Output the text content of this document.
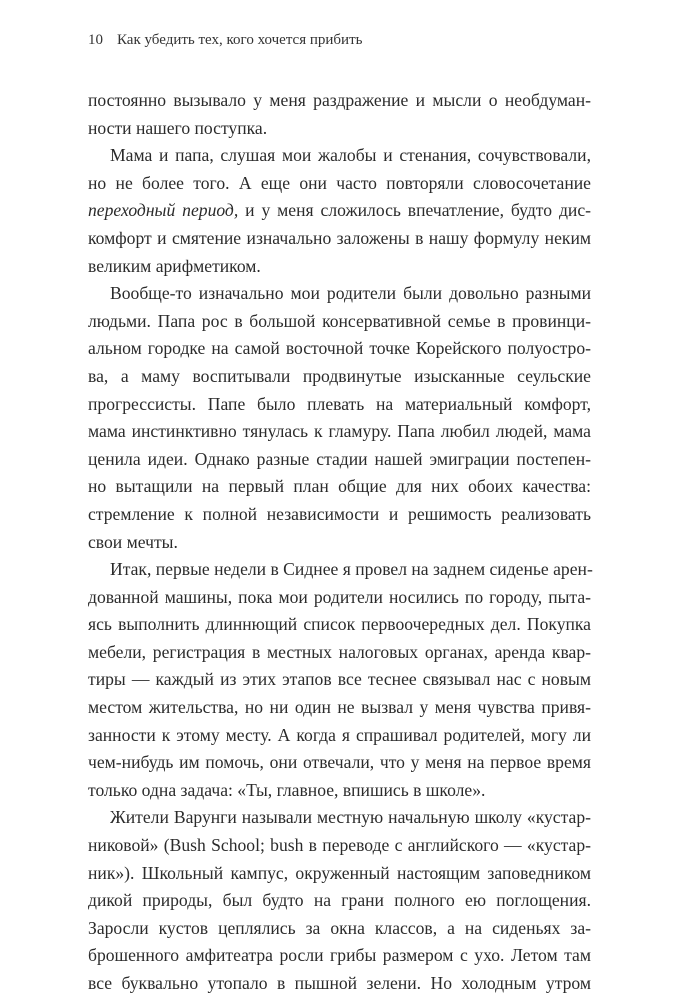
10 Как убедить тех, кого хочется прибить
постоянно вызывало у меня раздражение и мысли о необдуман-
ности нашего поступка.
Мама и папа, слушая мои жалобы и стенания, сочувствовали,
но не более того. А еще они часто повторяли словосочетание
переходный период, и у меня сложилось впечатление, будто дис-
комфорт и смятение изначально заложены в нашу формулу неким
великим арифметиком.
Вообще-то изначально мои родители были довольно разными
людьми. Папа рос в большой консервативной семье в провинци-
альном городке на самой восточной точке Корейского полуостро-
ва, а маму воспитывали продвинутые изысканные сеульские
прогрессисты. Папе было плевать на материальный комфорт,
мама инстинктивно тянулась к гламуру. Папа любил людей, мама
ценила идеи. Однако разные стадии нашей эмиграции постепен-
но вытащили на первый план общие для них обоих качества:
стремление к полной независимости и решимость реализовать
свои мечты.
Итак, первые недели в Сиднее я провел на заднем сиденье арен-
дованной машины, пока мои родители носились по городу, пыта-
ясь выполнить длиннющий список первоочередных дел. Покупка
мебели, регистрация в местных налоговых органах, аренда квар-
тиры — каждый из этих этапов все теснее связывал нас с новым
местом жительства, но ни один не вызвал у меня чувства привя-
занности к этому месту. А когда я спрашивал родителей, могу ли
чем-нибудь им помочь, они отвечали, что у меня на первое время
только одна задача: «Ты, главное, впишись в школе».
Жители Варунги называли местную начальную школу «кустар-
никовой» (Bush School; bush в переводе с английского — «кустар-
ник»). Школьный кампус, окруженный настоящим заповедником
дикой природы, был будто на грани полного ею поглощения.
Заросли кустов цеплялись за окна классов, а на сиденьях за-
брошенного амфитеатра росли грибы размером с ухо. Летом там
все буквально утопало в пышной зелени. Но холодным утром
